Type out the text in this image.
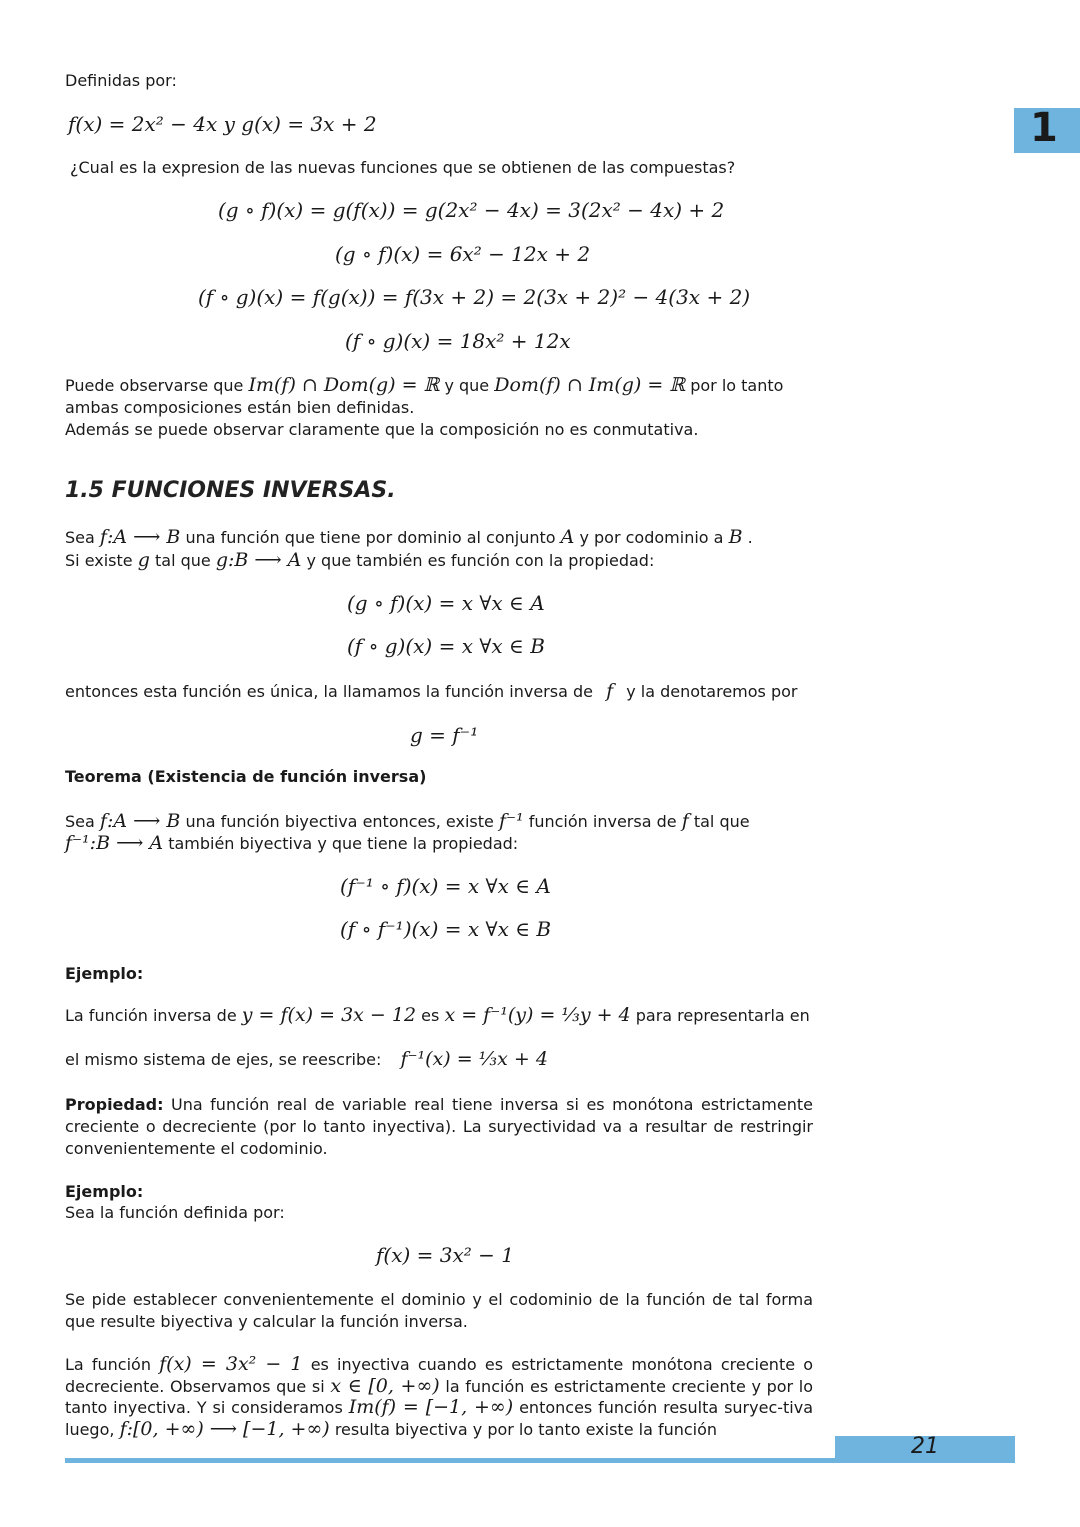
1
Definidas por:
f(x) = 2x² − 4x y g(x) = 3x + 2
¿Cual es la expresion de las nuevas funciones que se obtienen de las compuestas?
(g ∘ f)(x) = g(f(x)) = g(2x² − 4x) = 3(2x² − 4x) + 2
(g ∘ f)(x) = 6x² − 12x + 2
(f ∘ g)(x) = f(g(x)) = f(3x + 2) = 2(3x + 2)² − 4(3x + 2)
(f ∘ g)(x) = 18x² + 12x
Puede observarse que Im(f) ∩ Dom(g) = ℝ y que Dom(f) ∩ Im(g) = ℝ por lo tanto
ambas composiciones están bien definidas.
Además se puede observar claramente que la composición no es conmutativa.
1.5 FUNCIONES INVERSAS.
Sea f:A ⟶ B una función que tiene por dominio al conjunto A y por codominio a B .
Si existe g tal que g:B ⟶ A y que también es función con la propiedad:
(g ∘ f)(x) = x ∀x ∈ A
(f ∘ g)(x) = x ∀x ∈ B
entonces esta función es única, la llamamos la función inversa de f y la denotaremos por
g = f⁻¹
Teorema (Existencia de función inversa)
Sea f:A ⟶ B una función biyectiva entonces, existe f⁻¹ función inversa de f tal que
f⁻¹:B ⟶ A también biyectiva y que tiene la propiedad:
(f⁻¹ ∘ f)(x) = x ∀x ∈ A
(f ∘ f⁻¹)(x) = x ∀x ∈ B
Ejemplo:
La función inversa de y = f(x) = 3x − 12 es x = f⁻¹(y) = ⅓y + 4 para representarla en
el mismo sistema de ejes, se reescribe: f⁻¹(x) = ⅓x + 4
Propiedad: Una función real de variable real tiene inversa si es monótona estrictamente creciente o decreciente (por lo tanto inyectiva). La suryectividad va a resultar de restringir convenientemente el codominio.
Ejemplo:
Sea la función definida por:
f(x) = 3x² − 1
Se pide establecer convenientemente el dominio y el codominio de la función de tal forma que resulte biyectiva y calcular la función inversa.
La función f(x) = 3x² − 1 es inyectiva cuando es estrictamente monótona creciente o decreciente. Observamos que si x ∈ [0, +∞) la función es estrictamente creciente y por lo tanto inyectiva. Y si consideramos Im(f) = [−1, +∞) entonces función resulta suryec-tiva luego, f:[0, +∞) ⟶ [−1, +∞) resulta biyectiva y por lo tanto existe la función
21
